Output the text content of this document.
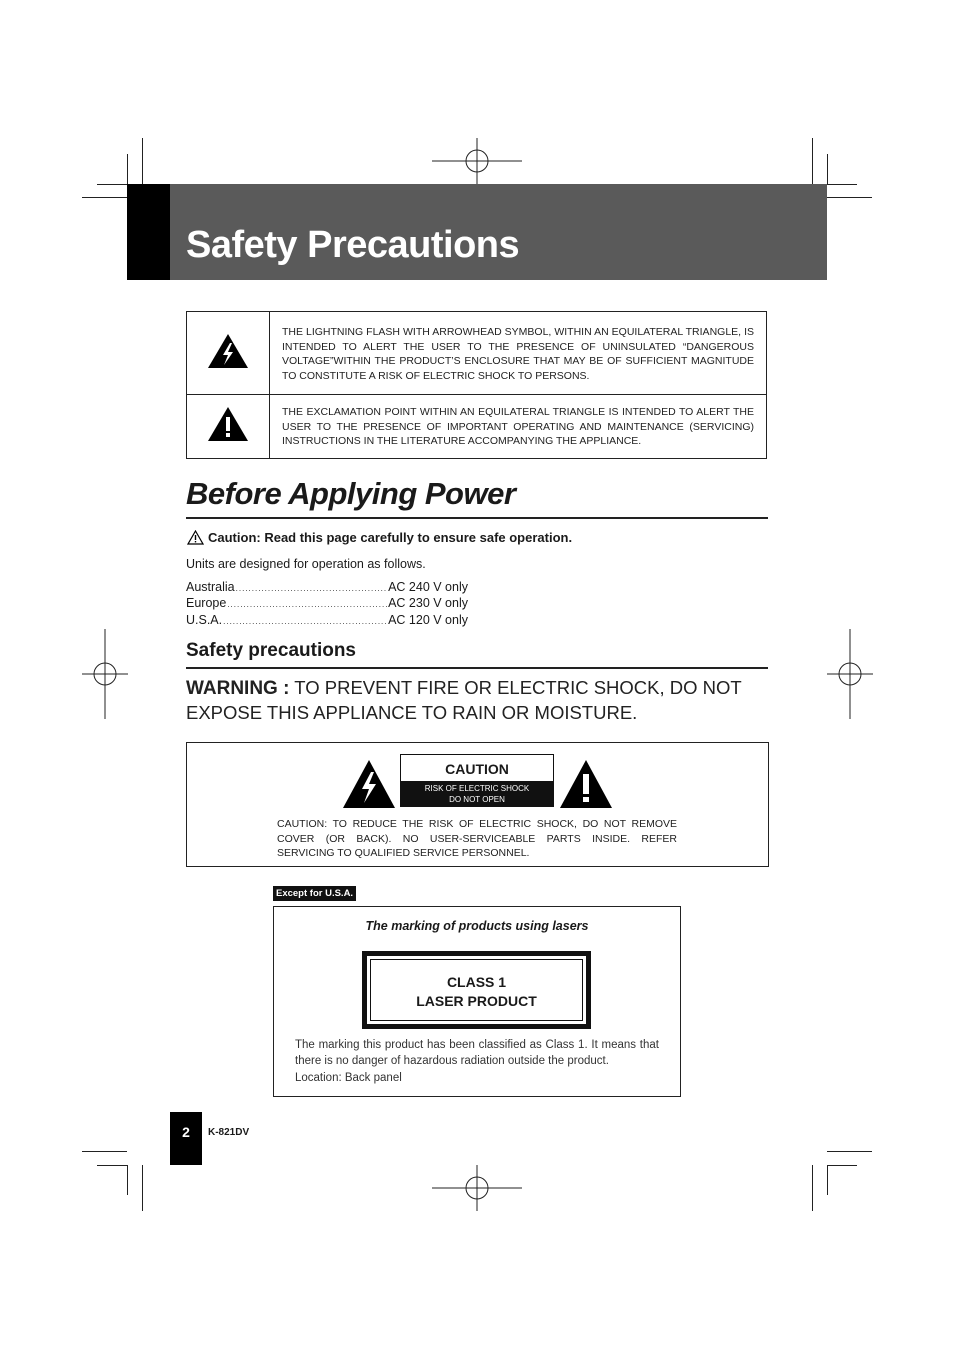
Safety Precautions
THE LIGHTNING FLASH WITH ARROWHEAD SYMBOL, WITHIN AN EQUILATERAL TRIANGLE, IS INTENDED TO ALERT THE USER TO THE PRESENCE OF UNINSULATED “DANGEROUS VOLTAGE”WITHIN THE PRODUCT’S ENCLOSURE THAT MAY BE OF SUFFICIENT MAGNITUDE TO CONSTITUTE A RISK OF ELECTRIC SHOCK TO PERSONS.
THE EXCLAMATION POINT WITHIN AN EQUILATERAL TRIANGLE IS INTENDED TO ALERT THE USER TO THE PRESENCE OF IMPORTANT OPERATING AND MAINTENANCE (SERVICING) INSTRUCTIONS IN THE LITERATURE ACCOMPANYING THE APPLIANCE.
Before Applying Power
Caution: Read this page carefully to ensure safe operation.
Units are designed for operation as follows.
Australia .....	AC 240 V only
Europe .....	AC 230 V only
U.S.A. .....	AC 120 V only
Safety precautions
WARNING : TO PREVENT FIRE OR ELECTRIC SHOCK, DO NOT EXPOSE THIS APPLIANCE TO RAIN OR MOISTURE.
CAUTION
RISK OF ELECTRIC SHOCK
DO NOT OPEN
CAUTION: TO REDUCE THE RISK OF ELECTRIC SHOCK, DO NOT REMOVE COVER (OR BACK). NO USER-SERVICEABLE PARTS INSIDE. REFER SERVICING TO QUALIFIED SERVICE PERSONNEL.
Except for U.S.A.
The marking of products using lasers
CLASS 1
LASER PRODUCT
The marking this product has been classified as Class 1. It means that there is no danger of hazardous radiation outside the product.
Location: Back panel
2	K-821DV
